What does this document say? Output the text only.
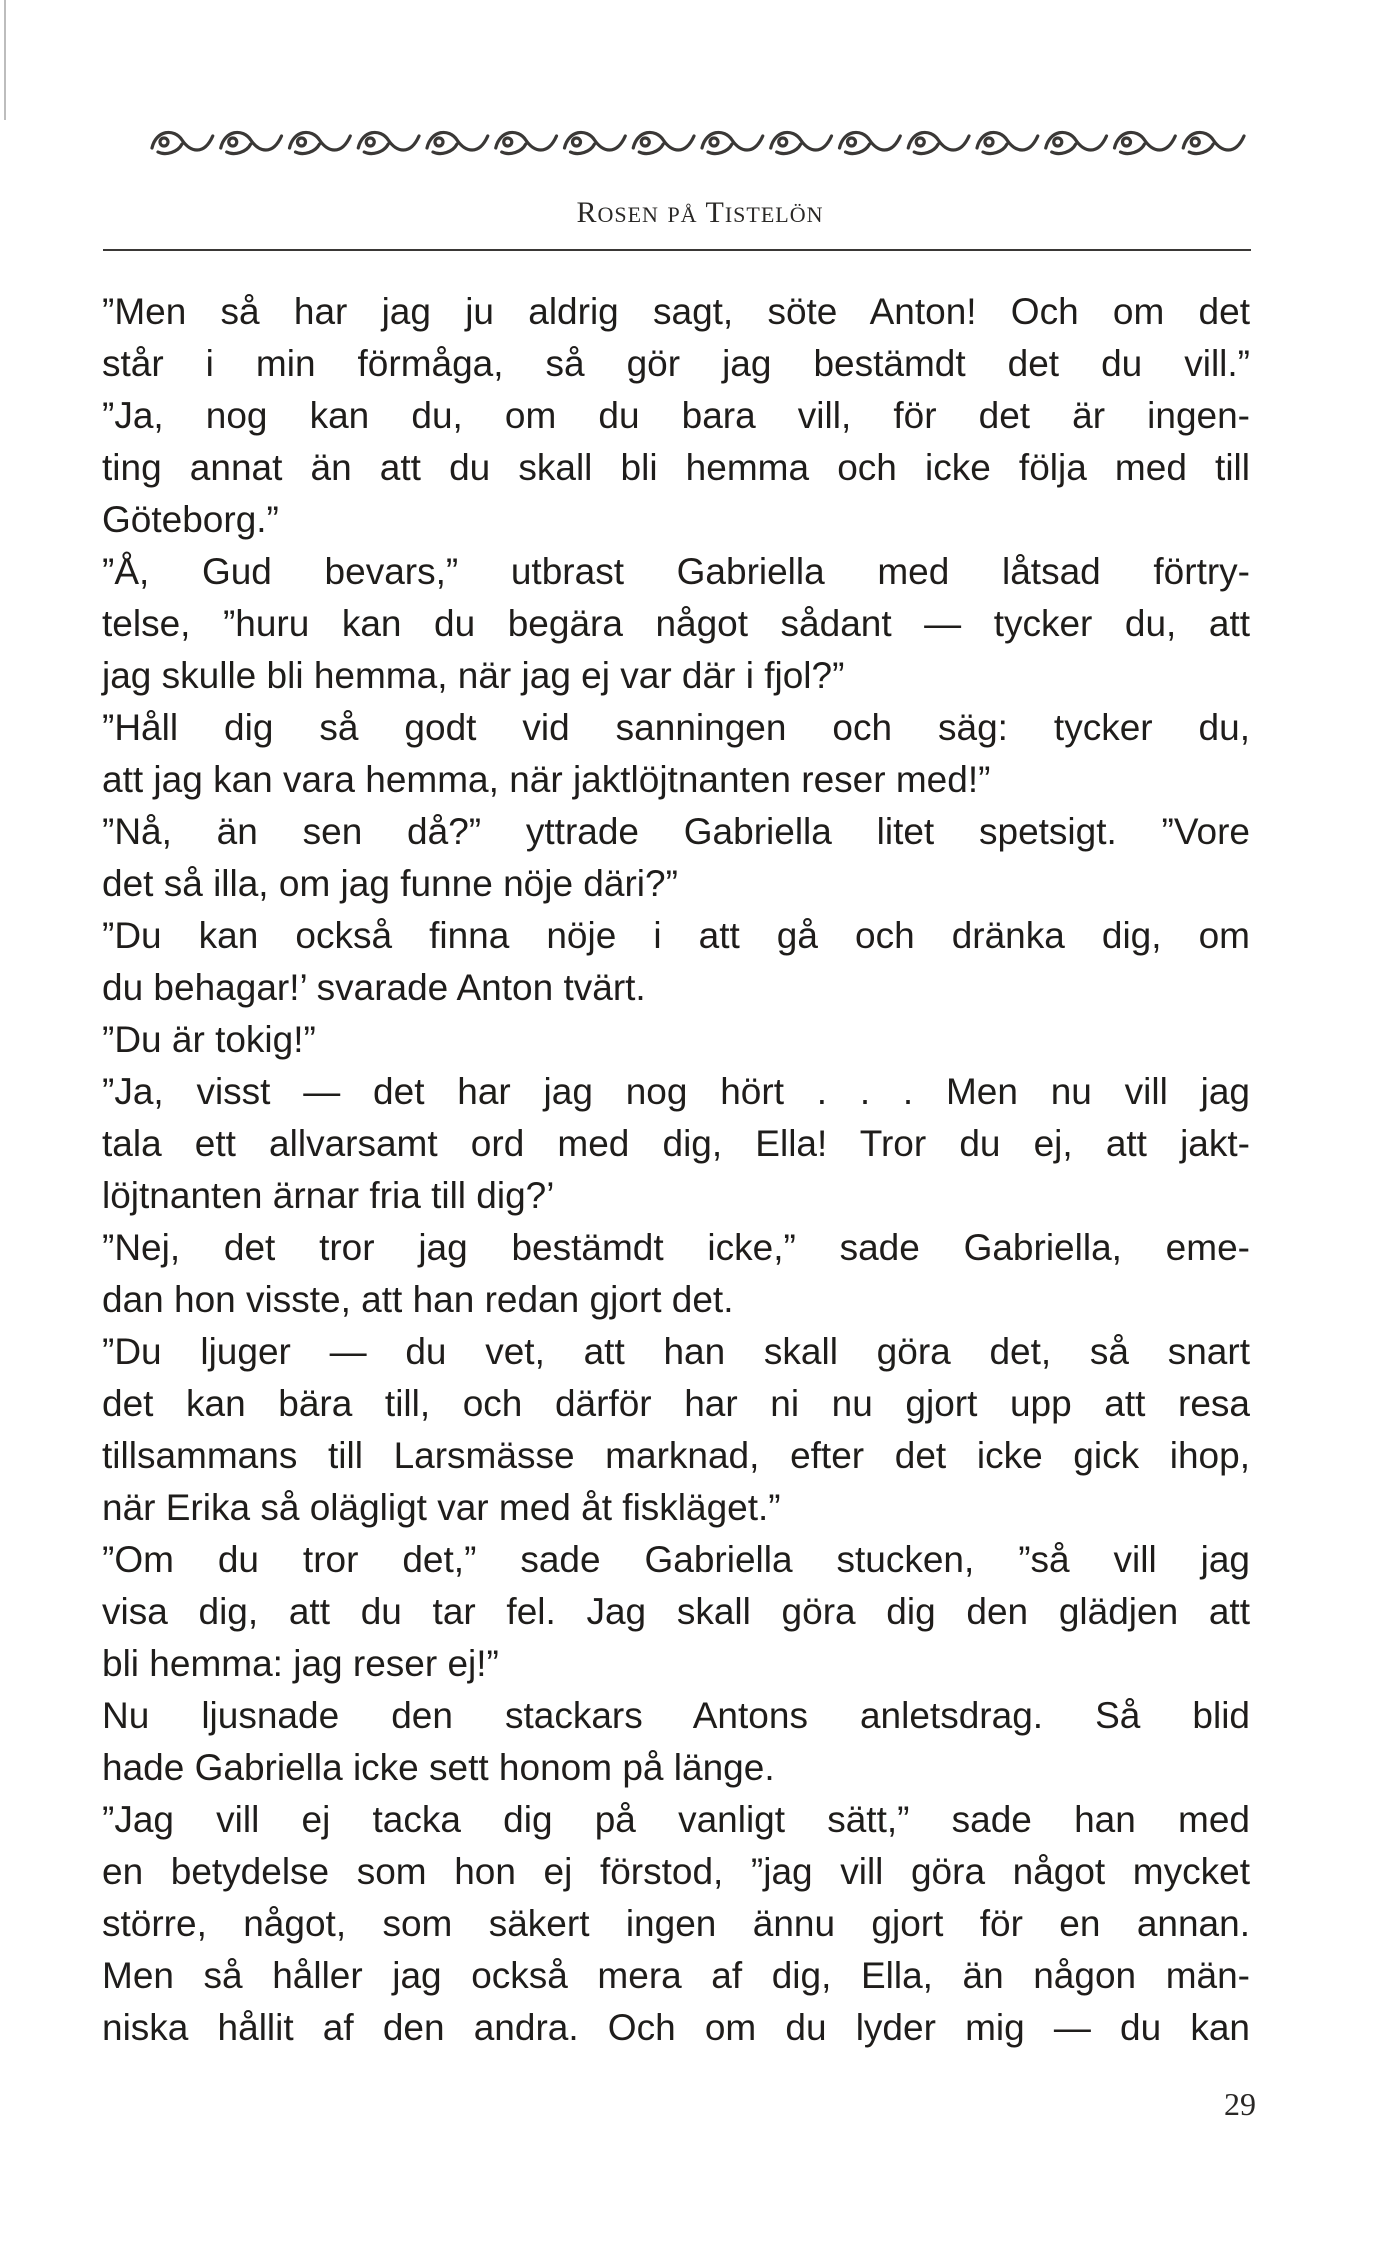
ROSEN PÅ TISTELÖN
”Men så har jag ju aldrig sagt, söte Anton! Och om det
står i min förmåga, så gör jag bestämdt det du vill.”
”Ja, nog kan du, om du bara vill, för det är ingen-
ting annat än att du skall bli hemma och icke följa med till
Göteborg.”
”Å, Gud bevars,” utbrast Gabriella med låtsad förtry-
telse, ”huru kan du begära något sådant — tycker du, att
jag skulle bli hemma, när jag ej var där i fjol?”
”Håll dig så godt vid sanningen och säg: tycker du,
att jag kan vara hemma, när jaktlöjtnanten reser med!”
”Nå, än sen då?” yttrade Gabriella litet spetsigt. ”Vore
det så illa, om jag funne nöje däri?”
”Du kan också finna nöje i att gå och dränka dig, om
du behagar!’ svarade Anton tvärt.
”Du är tokig!”
”Ja, visst — det har jag nog hört . . . Men nu vill jag
tala ett allvarsamt ord med dig, Ella! Tror du ej, att jakt-
löjtnanten ärnar fria till dig?’
”Nej, det tror jag bestämdt icke,” sade Gabriella, eme-
dan hon visste, att han redan gjort det.
”Du ljuger — du vet, att han skall göra det, så snart
det kan bära till, och därför har ni nu gjort upp att resa
tillsammans till Larsmässe marknad, efter det icke gick ihop,
när Erika så olägligt var med åt fiskläget.”
”Om du tror det,” sade Gabriella stucken, ”så vill jag
visa dig, att du tar fel. Jag skall göra dig den glädjen att
bli hemma: jag reser ej!”
Nu ljusnade den stackars Antons anletsdrag. Så blid
hade Gabriella icke sett honom på länge.
”Jag vill ej tacka dig på vanligt sätt,” sade han med
en betydelse som hon ej förstod, ”jag vill göra något mycket
större, något, som säkert ingen ännu gjort för en annan.
Men så håller jag också mera af dig, Ella, än någon män-
niska hållit af den andra. Och om du lyder mig — du kan
29
